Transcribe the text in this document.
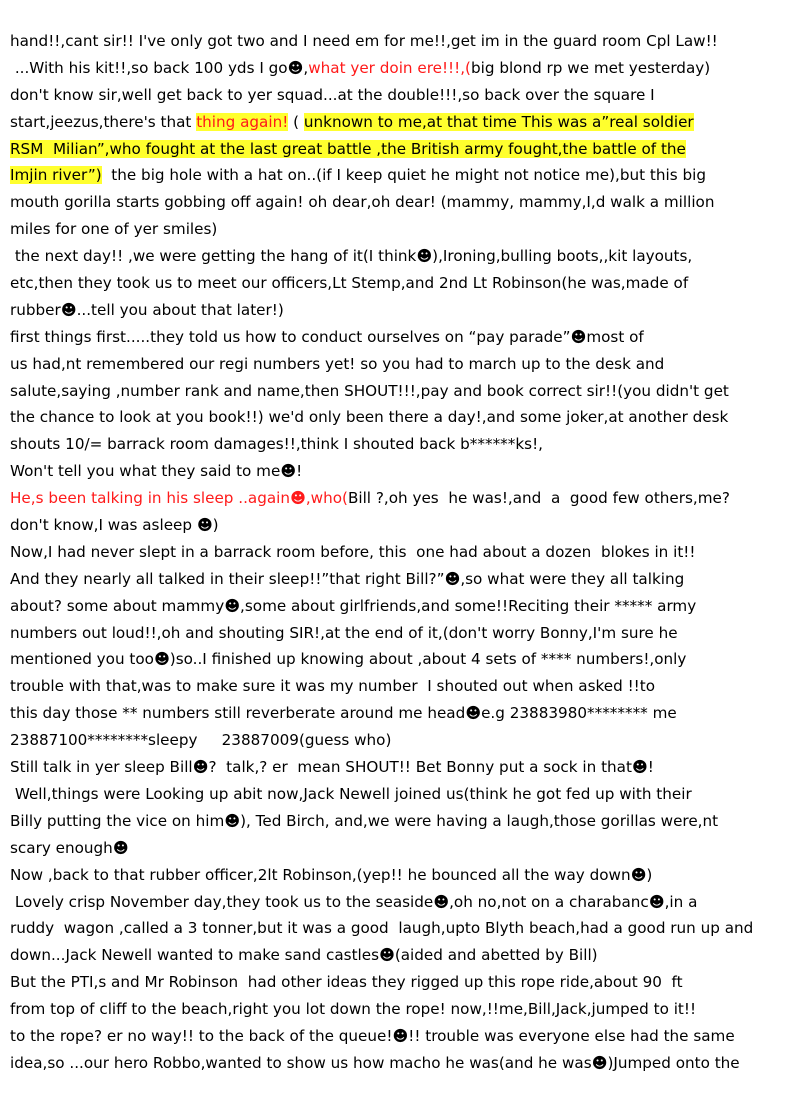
hand!!,cant sir!! I've only got two and I need em for me!!,get im in the guard room Cpl Law!!
...With his kit!!,so back 100 yds I go☻,what yer doin ere!!!,(big blond rp we met yesterday)
don't know sir,well get back to yer squad...at the double!!!,so back over the square I
start,jeezus,there's that thing again! ( unknown to me,at that time This was a”real soldier
RSM  Milian”,who fought at the last great battle ,the British army fought,the battle of the
Imjin river”)  the big hole with a hat on..(if I keep quiet he might not notice me),but this big
mouth gorilla starts gobbing off again! oh dear,oh dear! (mammy, mammy,I,d walk a million
miles for one of yer smiles)
the next day!! ,we were getting the hang of it(I think☻),Ironing,bulling boots,,kit layouts,
etc,then they took us to meet our officers,Lt Stemp,and 2nd Lt Robinson(he was,made of
rubber☻...tell you about that later!)
first things first.....they told us how to conduct ourselves on “pay parade”☻most of
us had,nt remembered our regi numbers yet! so you had to march up to the desk and
salute,saying ,number rank and name,then SHOUT!!!,pay and book correct sir!!(you didn't get
the chance to look at you book!!) we'd only been there a day!,and some joker,at another desk
shouts 10/= barrack room damages!!,think I shouted back b******ks!,
Won't tell you what they said to me☻!
He,s been talking in his sleep ..again☻,who(Bill ?,oh yes  he was!,and  a  good few others,me?
don't know,I was asleep ☻)
Now,I had never slept in a barrack room before, this  one had about a dozen  blokes in it!!
And they nearly all talked in their sleep!!”that right Bill?”☻,so what were they all talking
about? some about mammy☻,some about girlfriends,and some!!Reciting their ***** army
numbers out loud!!,oh and shouting SIR!,at the end of it,(don't worry Bonny,I'm sure he
mentioned you too☻)so..I finished up knowing about ,about 4 sets of **** numbers!,only
trouble with that,was to make sure it was my number  I shouted out when asked !!to
this day those ** numbers still reverberate around me head☻e.g 23883980******** me
23887100********sleepy     23887009(guess who)
Still talk in yer sleep Bill☻?  talk,? er  mean SHOUT!! Bet Bonny put a sock in that☻!
Well,things were Looking up abit now,Jack Newell joined us(think he got fed up with their
Billy putting the vice on him☻), Ted Birch, and,we were having a laugh,those gorillas were,nt
scary enough☻
Now ,back to that rubber officer,2lt Robinson,(yep!! he bounced all the way down☻)
Lovely crisp November day,they took us to the seaside☻,oh no,not on a charabanc☻,in a
ruddy  wagon ,called a 3 tonner,but it was a good  laugh,upto Blyth beach,had a good run up and
down...Jack Newell wanted to make sand castles☻(aided and abetted by Bill)
But the PTI,s and Mr Robinson  had other ideas they rigged up this rope ride,about 90  ft
from top of cliff to the beach,right you lot down the rope! now,!!me,Bill,Jack,jumped to it!!
to the rope? er no way!! to the back of the queue!☻!! trouble was everyone else had the same
idea,so ...our hero Robbo,wanted to show us how macho he was(and he was☻)Jumped onto the
